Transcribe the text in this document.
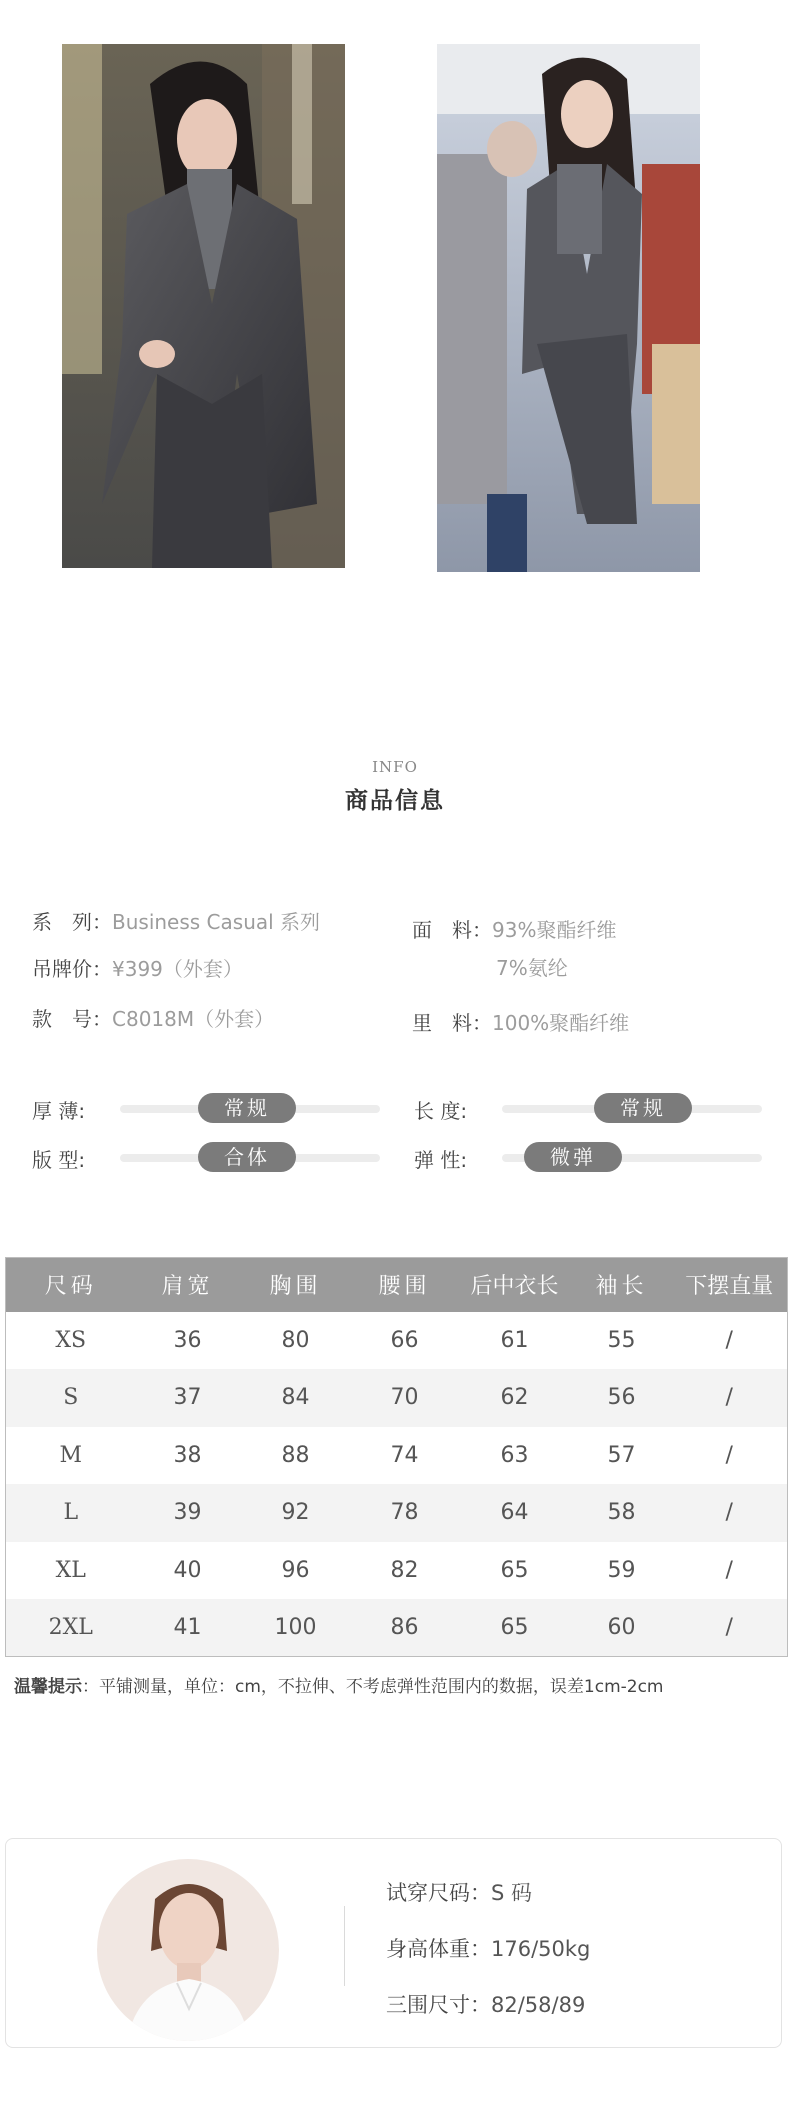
INFO
商品信息
系　列：Business Casual 系列
吊牌价：¥399（外套）
款　号：C8018M（外套）
面　料：93%聚酯纤维
7%氨纶
里　料：100%聚酯纤维
厚 薄:	常规	长 度:	常规
版 型:	合体	弹 性:	微弹
尺码	肩宽	胸围	腰围	后中衣长	袖长	下摆直量
XS	36	80	66	61	55	/
S	37	84	70	62	56	/
M	38	88	74	63	57	/
L	39	92	78	64	58	/
XL	40	96	82	65	59	/
2XL	41	100	86	65	60	/
温馨提示：平铺测量，单位：cm，不拉伸、不考虑弹性范围内的数据，误差1cm-2cm
试穿尺码：S 码
身高体重：176/50kg
三围尺寸：82/58/89
